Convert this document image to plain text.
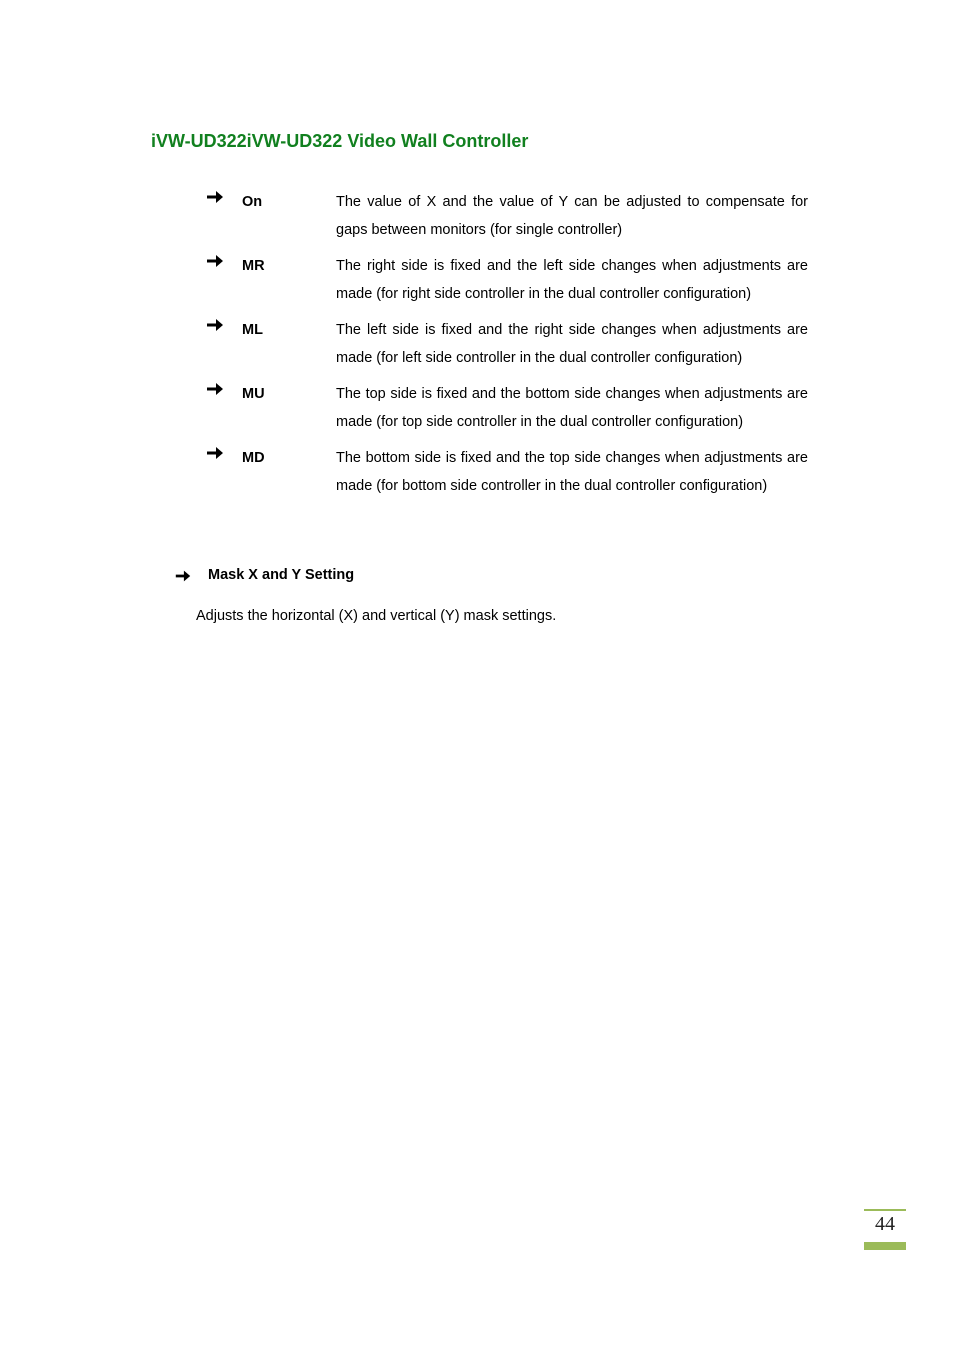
iVW-UD322iVW-UD322 Video Wall Controller
On	The value of X and the value of Y can be adjusted to compensate for gaps between monitors (for single controller)
MR	The right side is fixed and the left side changes when adjustments are made (for right side controller in the dual controller configuration)
ML	The left side is fixed and the right side changes when adjustments are made (for left side controller in the dual controller configuration)
MU	The top side is fixed and the bottom side changes when adjustments are made (for top side controller in the dual controller configuration)
MD	The bottom side is fixed and the top side changes when adjustments are made (for bottom side controller in the dual controller configuration)
Mask X and Y Setting
Adjusts the horizontal (X) and vertical (Y) mask settings.
44
